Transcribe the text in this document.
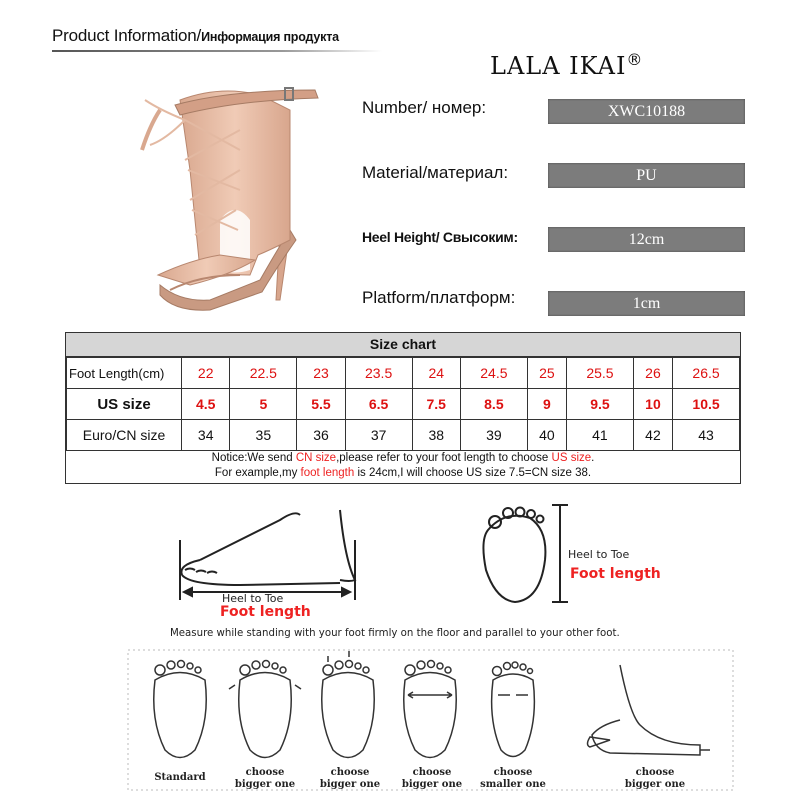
Product Information/Информация продукта
LALA IKAI®
Number/ номер:	XWC10188
Material/материал:	PU
Heel Height/ Свысоким:	12cm
Platform/платформ:	1cm
Size chart
Foot Length(cm)	22	22.5	23	23.5	24	24.5	25	25.5	26	26.5
US size	4.5	5	5.5	6.5	7.5	8.5	9	9.5	10	10.5
Euro/CN size	34	35	36	37	38	39	40	41	42	43
Notice:We send CN size,please refer to your foot length to choose US size.
For example,my foot length is 24cm,I will choose US size 7.5=CN size 38.
Heel to Toe
Foot length
Heel to Toe
Foot length
Measure while standing with your foot firmly on the floor and parallel to your other foot.
Standard	choose
bigger one
choose
bigger one
choose
bigger one
choose
smaller one
choose
bigger one
